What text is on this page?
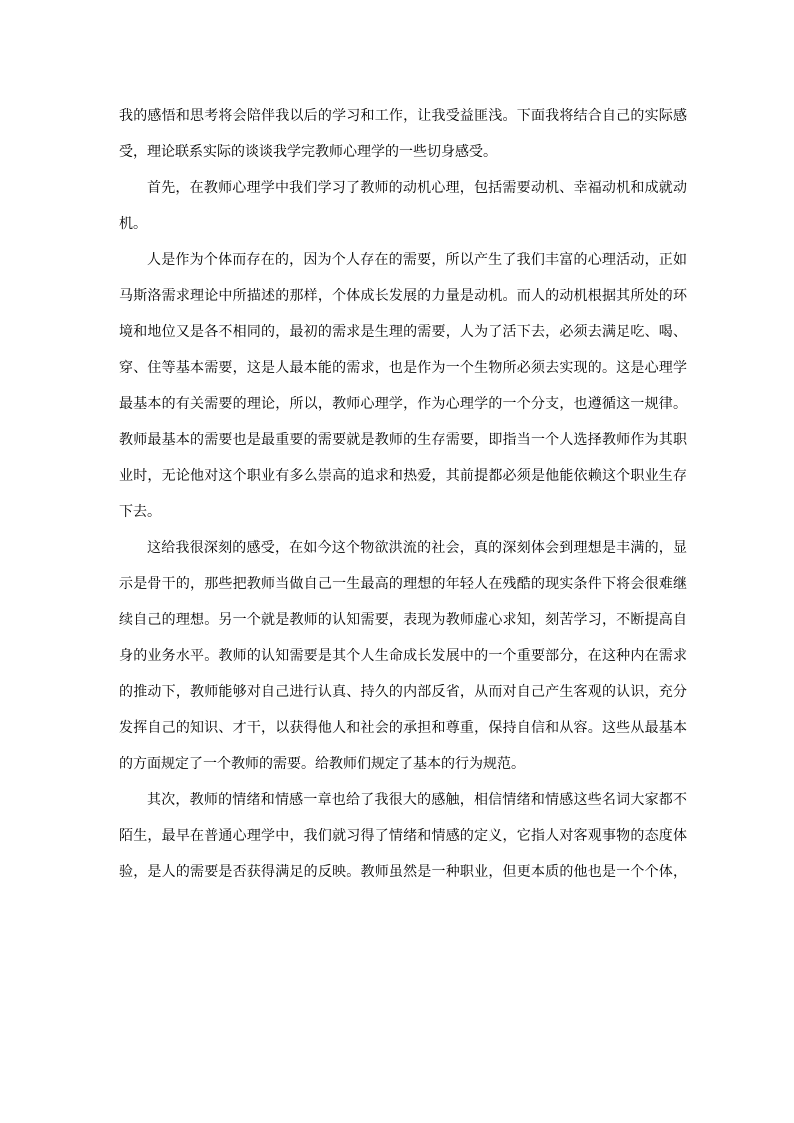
我的感悟和思考将会陪伴我以后的学习和工作，让我受益匪浅。下面我将结合自己的实际感
受，理论联系实际的谈谈我学完教师心理学的一些切身感受。
首先，在教师心理学中我们学习了教师的动机心理，包括需要动机、幸福动机和成就动
机。
人是作为个体而存在的，因为个人存在的需要，所以产生了我们丰富的心理活动，正如
马斯洛需求理论中所描述的那样，个体成长发展的力量是动机。而人的动机根据其所处的环
境和地位又是各不相同的，最初的需求是生理的需要，人为了活下去，必须去满足吃、喝、
穿、住等基本需要，这是人最本能的需求，也是作为一个生物所必须去实现的。这是心理学
最基本的有关需要的理论，所以，教师心理学，作为心理学的一个分支，也遵循这一规律。
教师最基本的需要也是最重要的需要就是教师的生存需要，即指当一个人选择教师作为其职
业时，无论他对这个职业有多么崇高的追求和热爱，其前提都必须是他能依赖这个职业生存
下去。
这给我很深刻的感受，在如今这个物欲洪流的社会，真的深刻体会到理想是丰满的，显
示是骨干的，那些把教师当做自己一生最高的理想的年轻人在残酷的现实条件下将会很难继
续自己的理想。另一个就是教师的认知需要，表现为教师虚心求知，刻苦学习，不断提高自
身的业务水平。教师的认知需要是其个人生命成长发展中的一个重要部分，在这种内在需求
的推动下，教师能够对自己进行认真、持久的内部反省，从而对自己产生客观的认识，充分
发挥自己的知识、才干，以获得他人和社会的承担和尊重，保持自信和从容。这些从最基本
的方面规定了一个教师的需要。给教师们规定了基本的行为规范。
其次，教师的情绪和情感一章也给了我很大的感触，相信情绪和情感这些名词大家都不
陌生，最早在普通心理学中，我们就习得了情绪和情感的定义，它指人对客观事物的态度体
验，是人的需要是否获得满足的反映。教师虽然是一种职业，但更本质的他也是一个个体，
